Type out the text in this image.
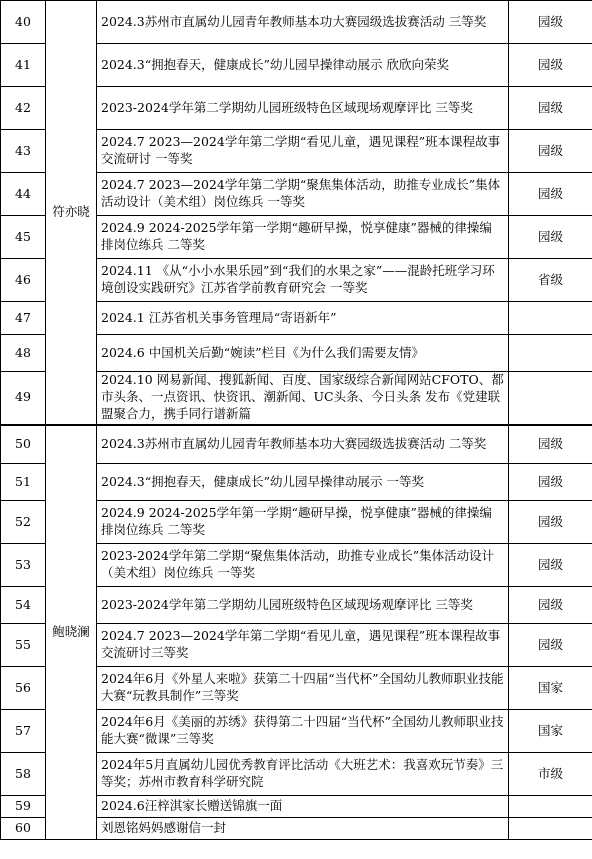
40	符亦晓	2024.3苏州市直属幼儿园青年教师基本功大赛园级选拔赛活动 三等奖	园级
41		2024.3“拥抱春天，健康成长”幼儿园早操律动展示 欣欣向荣奖	园级
42		2023-2024学年第二学期幼儿园班级特色区域现场观摩评比 三等奖	园级
43		2024.7 2023—2024学年第二学期“看见儿童，遇见课程”班本课程故事交流研讨 一等奖	园级
44		2024.7 2023—2024学年第二学期“聚焦集体活动，助推专业成长”集体活动设计（美术组）岗位练兵 一等奖	园级
45		2024.9 2024-2025学年第一学期“趣研早操，悦享健康”器械的律操编排岗位练兵 二等奖	园级
46		2024.11 《从“小小水果乐园”到“我们的水果之家”——混龄托班学习环境创设实践研究》江苏省学前教育研究会 一等奖	省级
47		2024.1 江苏省机关事务管理局“寄语新年”	
48		2024.6 中国机关后勤“婉读”栏目《为什么我们需要友情》	
49		2024.10 网易新闻、搜狐新闻、百度、国家级综合新闻网站CFOTO、都市头条、一点资讯、快资讯、潮新闻、UC头条、今日头条 发布《党建联盟聚合力，携手同行谱新篇	
50	鲍晓澜	2024.3苏州市直属幼儿园青年教师基本功大赛园级选拔赛活动 二等奖	园级
51		2024.3“拥抱春天，健康成长”幼儿园早操律动展示 一等奖	园级
52		2024.9 2024-2025学年第一学期“趣研早操，悦享健康”器械的律操编排岗位练兵 二等奖	园级
53		2023-2024学年第二学期“聚焦集体活动，助推专业成长”集体活动设计（美术组）岗位练兵 一等奖	园级
54		2023-2024学年第二学期幼儿园班级特色区域现场观摩评比 三等奖	园级
55		2024.7 2023—2024学年第二学期“看见儿童，遇见课程”班本课程故事交流研讨三等奖	园级
56		2024年6月《外星人来啦》获第二十四届“当代杯”全国幼儿教师职业技能大赛“玩教具制作”三等奖	国家
57		2024年6月《美丽的苏绣》获得第二十四届“当代杯”全国幼儿教师职业技能大赛“微课”三等奖	国家
58		2024年5月直属幼儿园优秀教育评比活动《大班艺术：我喜欢玩节奏》三等奖；苏州市教育科学研究院	市级
59		2024.6汪梓淇家长赠送锦旗一面	
60		刘恩铭妈妈感谢信一封	
